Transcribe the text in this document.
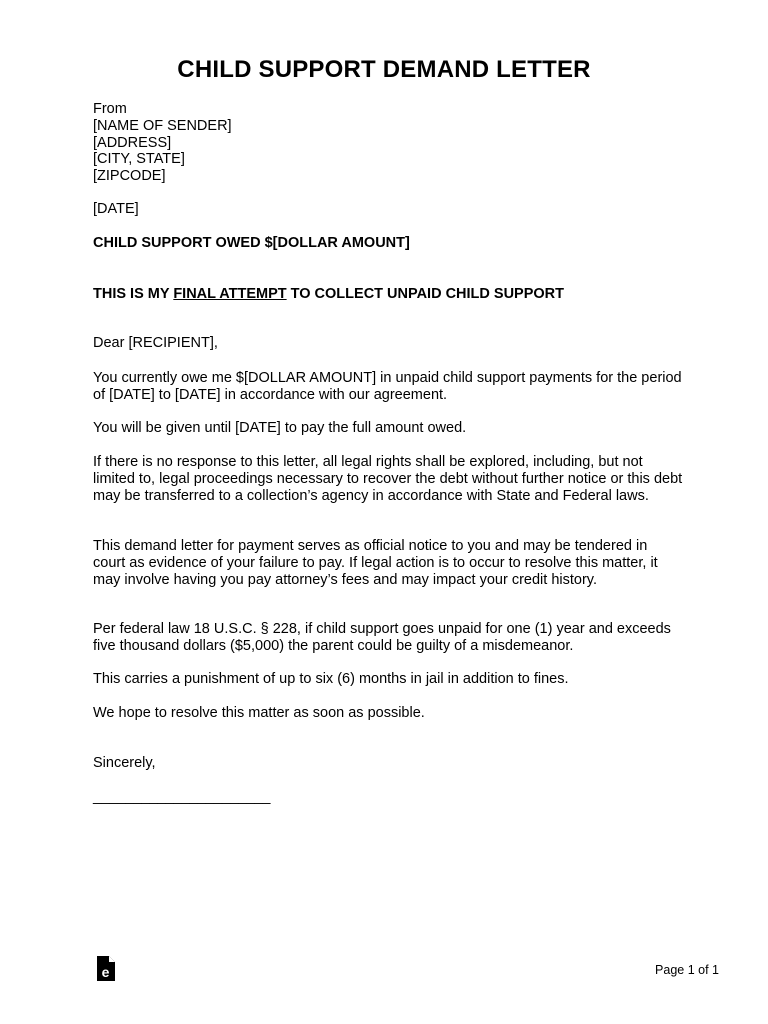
CHILD SUPPORT DEMAND LETTER

From

[NAME OF SENDER]

[ADDRESS]

[CITY, STATE]

[ZIPCODE]

[DATE]
CHILD SUPPORT OWED $[DOLLAR AMOUNT]
THIS IS MY FINAL ATTEMPT TO COLLECT UNPAID CHILD SUPPORT
Dear [RECIPIENT],
You currently owe me $[DOLLAR AMOUNT] in unpaid child support payments for the period of [DATE] to [DATE] in accordance with our agreement.
You will be given until [DATE] to pay the full amount owed.
If there is no response to this letter, all legal rights shall be explored, including, but not limited to, legal proceedings necessary to recover the debt without further notice or this debt may be transferred to a collection’s agency in accordance with State and Federal laws.
This demand letter for payment serves as official notice to you and may be tendered in court as evidence of your failure to pay. If legal action is to occur to resolve this matter, it may involve having you pay attorney’s fees and may impact your credit history.
Per federal law 18 U.S.C. § 228, if child support goes unpaid for one (1) year and exceeds five thousand dollars ($5,000) the parent could be guilty of a misdemeanor.
This carries a punishment of up to six (6) months in jail in addition to fines.
We hope to resolve this matter as soon as possible.
Sincerely,
______________________
e	Page 1 of 1
